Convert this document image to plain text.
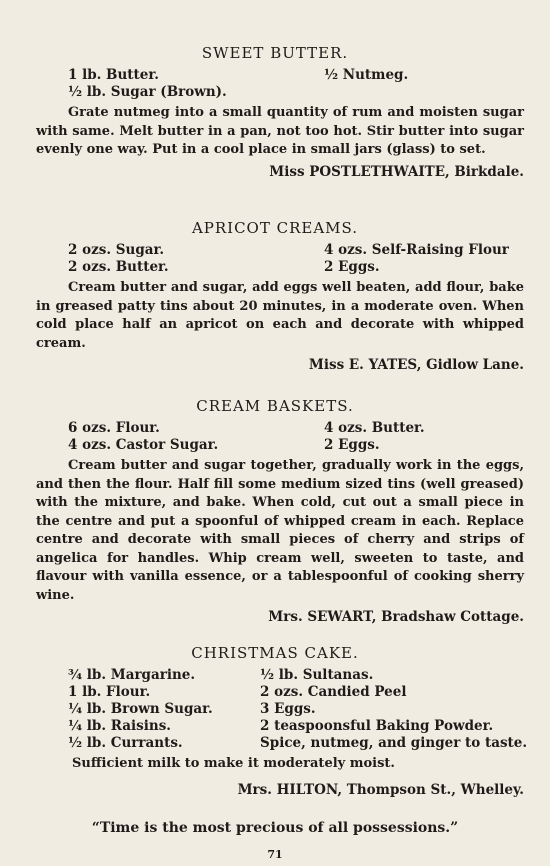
SWEET BUTTER.
1 lb. Butter.	½ Nutmeg.
½ lb. Sugar (Brown).

Grate nutmeg into a small quantity of rum and moisten sugar with same. Melt butter in a pan, not too hot. Stir butter into sugar evenly one way. Put in a cool place in small jars (glass) to set.

Miss POSTLETHWAITE, Birkdale.
APRICOT CREAMS.
2 ozs. Sugar.	4 ozs. Self-Raising Flour
2 ozs. Butter.	2 Eggs.

Cream butter and sugar, add eggs well beaten, add flour, bake in greased patty tins about 20 minutes, in a moderate oven. When cold place half an apricot on each and decorate with whipped cream.

Miss E. YATES, Gidlow Lane.
CREAM BASKETS.
6 ozs. Flour.	4 ozs. Butter.
4 ozs. Castor Sugar.	2 Eggs.

Cream butter and sugar together, gradually work in the eggs, and then the flour. Half fill some medium sized tins (well greased) with the mixture, and bake. When cold, cut out a small piece in the centre and put a spoonful of whipped cream in each. Replace centre and decorate with small pieces of cherry and strips of angelica for handles. Whip cream well, sweeten to taste, and flavour with vanilla essence, or a tablespoonful of cooking sherry wine.

Mrs. SEWART, Bradshaw Cottage.
CHRISTMAS CAKE.
¾ lb. Margarine.	½ lb. Sultanas.
1 lb. Flour.	2 ozs. Candied Peel
¼ lb. Brown Sugar.	3 Eggs.
¼ lb. Raisins.	2 teaspoonsful Baking Powder.
½ lb. Currants.	Spice, nutmeg, and ginger to taste.

Sufficient milk to make it moderately moist.

Mrs. HILTON, Thompson St., Whelley.
“Time is the most precious of all possessions.”
71
